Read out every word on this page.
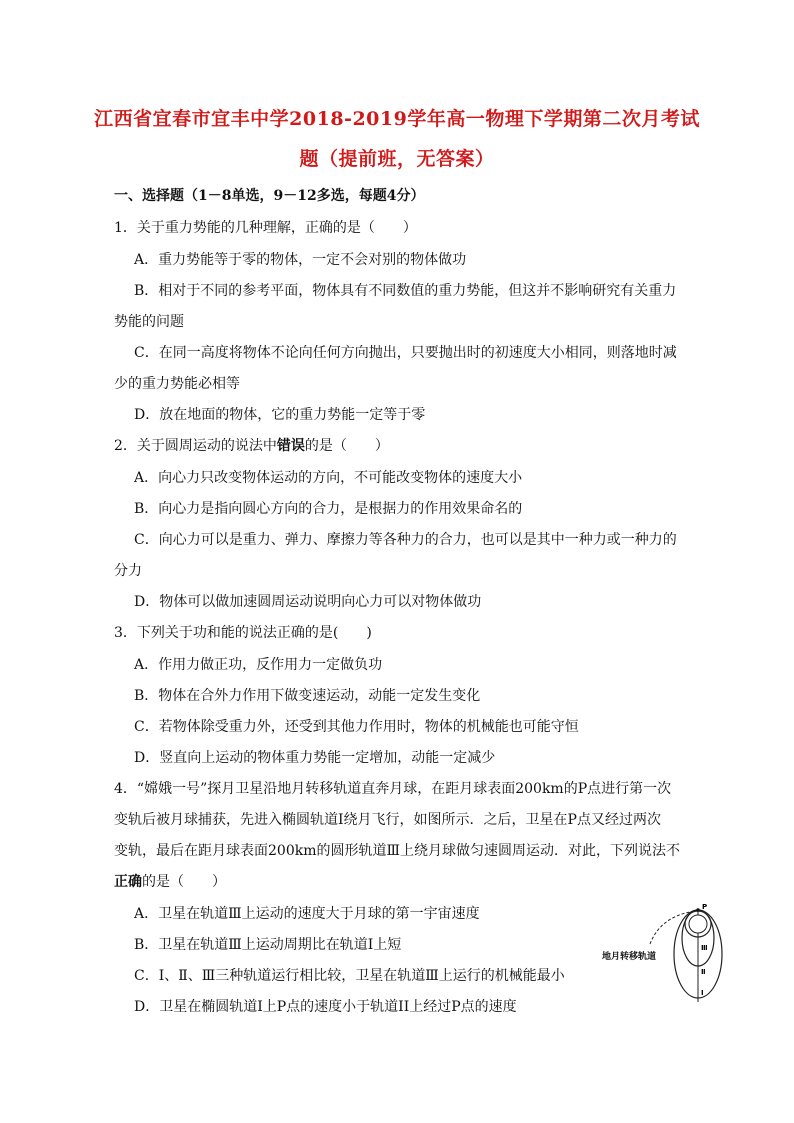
江西省宜春市宜丰中学2018-2019学年高一物理下学期第二次月考试
题（提前班，无答案）
一、选择题（1－8单选，9－12多选，每题4分）
1．关于重力势能的几种理解，正确的是（　　）
A．重力势能等于零的物体，一定不会对别的物体做功
B．相对于不同的参考平面，物体具有不同数值的重力势能，但这并不影响研究有关重力
势能的问题
C．在同一高度将物体不论向任何方向抛出，只要抛出时的初速度大小相同，则落地时减
少的重力势能必相等
D．放在地面的物体，它的重力势能一定等于零
2．关于圆周运动的说法中错误的是（　　）
A．向心力只改变物体运动的方向，不可能改变物体的速度大小
B．向心力是指向圆心方向的合力，是根据力的作用效果命名的
C．向心力可以是重力、弹力、摩擦力等各种力的合力，也可以是其中一种力或一种力的
分力
D．物体可以做加速圆周运动说明向心力可以对物体做功
3．下列关于功和能的说法正确的是(　　)
A．作用力做正功，反作用力一定做负功
B．物体在合外力作用下做变速运动，动能一定发生变化
C．若物体除受重力外，还受到其他力作用时，物体的机械能也可能守恒
D．竖直向上运动的物体重力势能一定增加，动能一定减少
4．“嫦娥一号”探月卫星沿地月转移轨道直奔月球，在距月球表面200km的P点进行第一次
变轨后被月球捕获，先进入椭圆轨道Ⅰ绕月飞行，如图所示．之后，卫星在P点又经过两次
变轨，最后在距月球表面200km的圆形轨道Ⅲ上绕月球做匀速圆周运动．对此，下列说法不
正确的是（　　）
A．卫星在轨道Ⅲ上运动的速度大于月球的第一宇宙速度
B．卫星在轨道Ⅲ上运动周期比在轨道Ⅰ上短
C．Ⅰ、Ⅱ、Ⅲ三种轨道运行相比较，卫星在轨道Ⅲ上运行的机械能最小
D．卫星在椭圆轨道Ⅰ上P点的速度小于轨道II上经过P点的速度
P
Ⅲ
Ⅱ
Ⅰ
地月转移轨道
